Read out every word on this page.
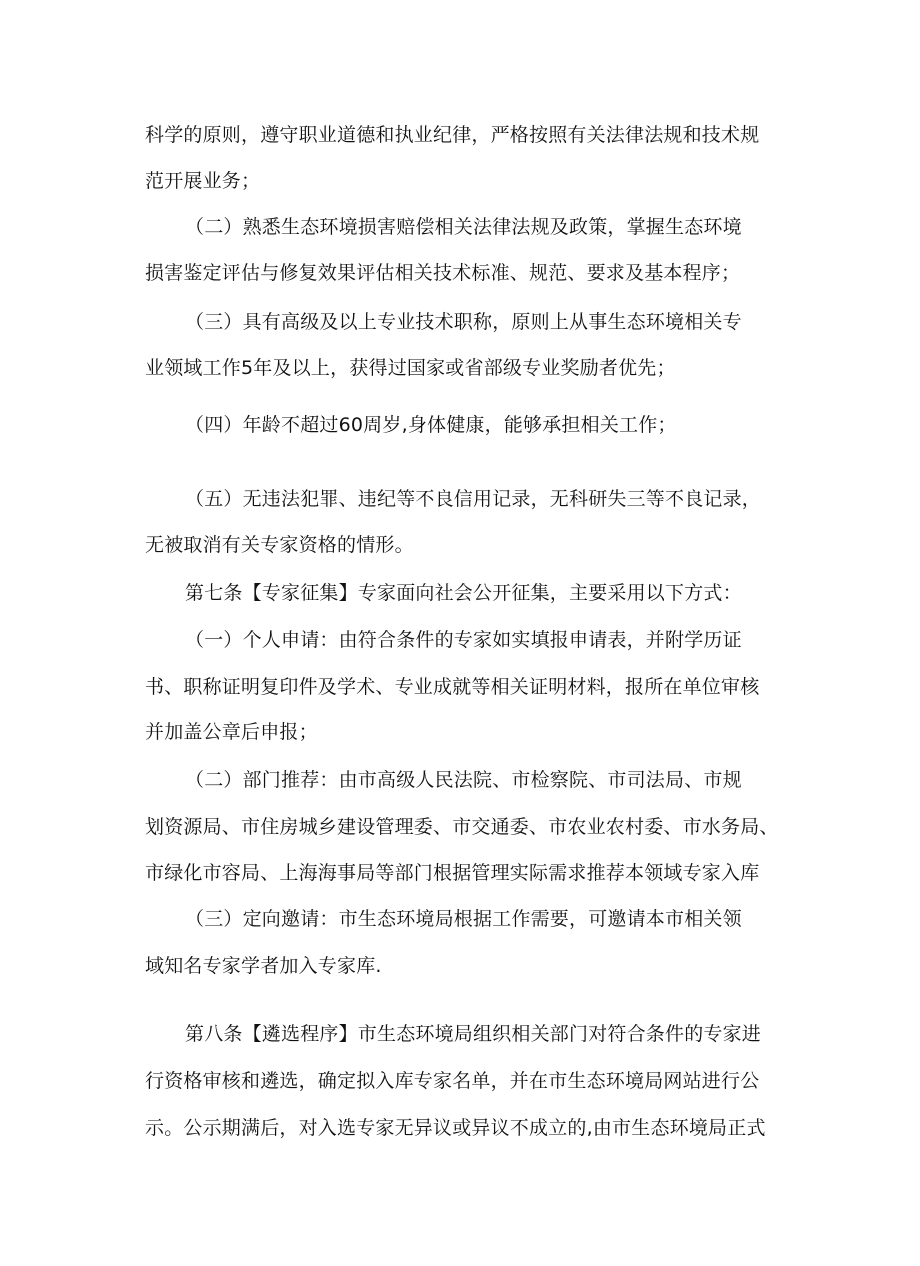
科学的原则，遵守职业道德和执业纪律，严格按照有关法律法规和技术规
范开展业务；
（二）熟悉生态环境损害赔偿相关法律法规及政策，掌握生态环境
损害鉴定评估与修复效果评估相关技术标准、规范、要求及基本程序；
（三）具有高级及以上专业技术职称，原则上从事生态环境相关专
业领域工作5年及以上，获得过国家或省部级专业奖励者优先；
（四）年龄不超过60周岁,身体健康，能够承担相关工作；
（五）无违法犯罪、违纪等不良信用记录，无科研失三等不良记录，
无被取消有关专家资格的情形。
第七条【专家征集】专家面向社会公开征集，主要采用以下方式：
（一）个人申请：由符合条件的专家如实填报申请表，并附学历证
书、职称证明复印件及学术、专业成就等相关证明材料，报所在单位审核
并加盖公章后申报；
（二）部门推荐：由市高级人民法院、市检察院、市司法局、市规
划资源局、市住房城乡建设管理委、市交通委、市农业农村委、市水务局、
市绿化市容局、上海海事局等部门根据管理实际需求推荐本领域专家入库
（三）定向邀请：市生态环境局根据工作需要，可邀请本市相关领
域知名专家学者加入专家库.
第八条【遴选程序】市生态环境局组织相关部门对符合条件的专家进
行资格审核和遴选，确定拟入库专家名单，并在市生态环境局网站进行公
示。公示期满后，对入选专家无异议或异议不成立的,由市生态环境局正式
